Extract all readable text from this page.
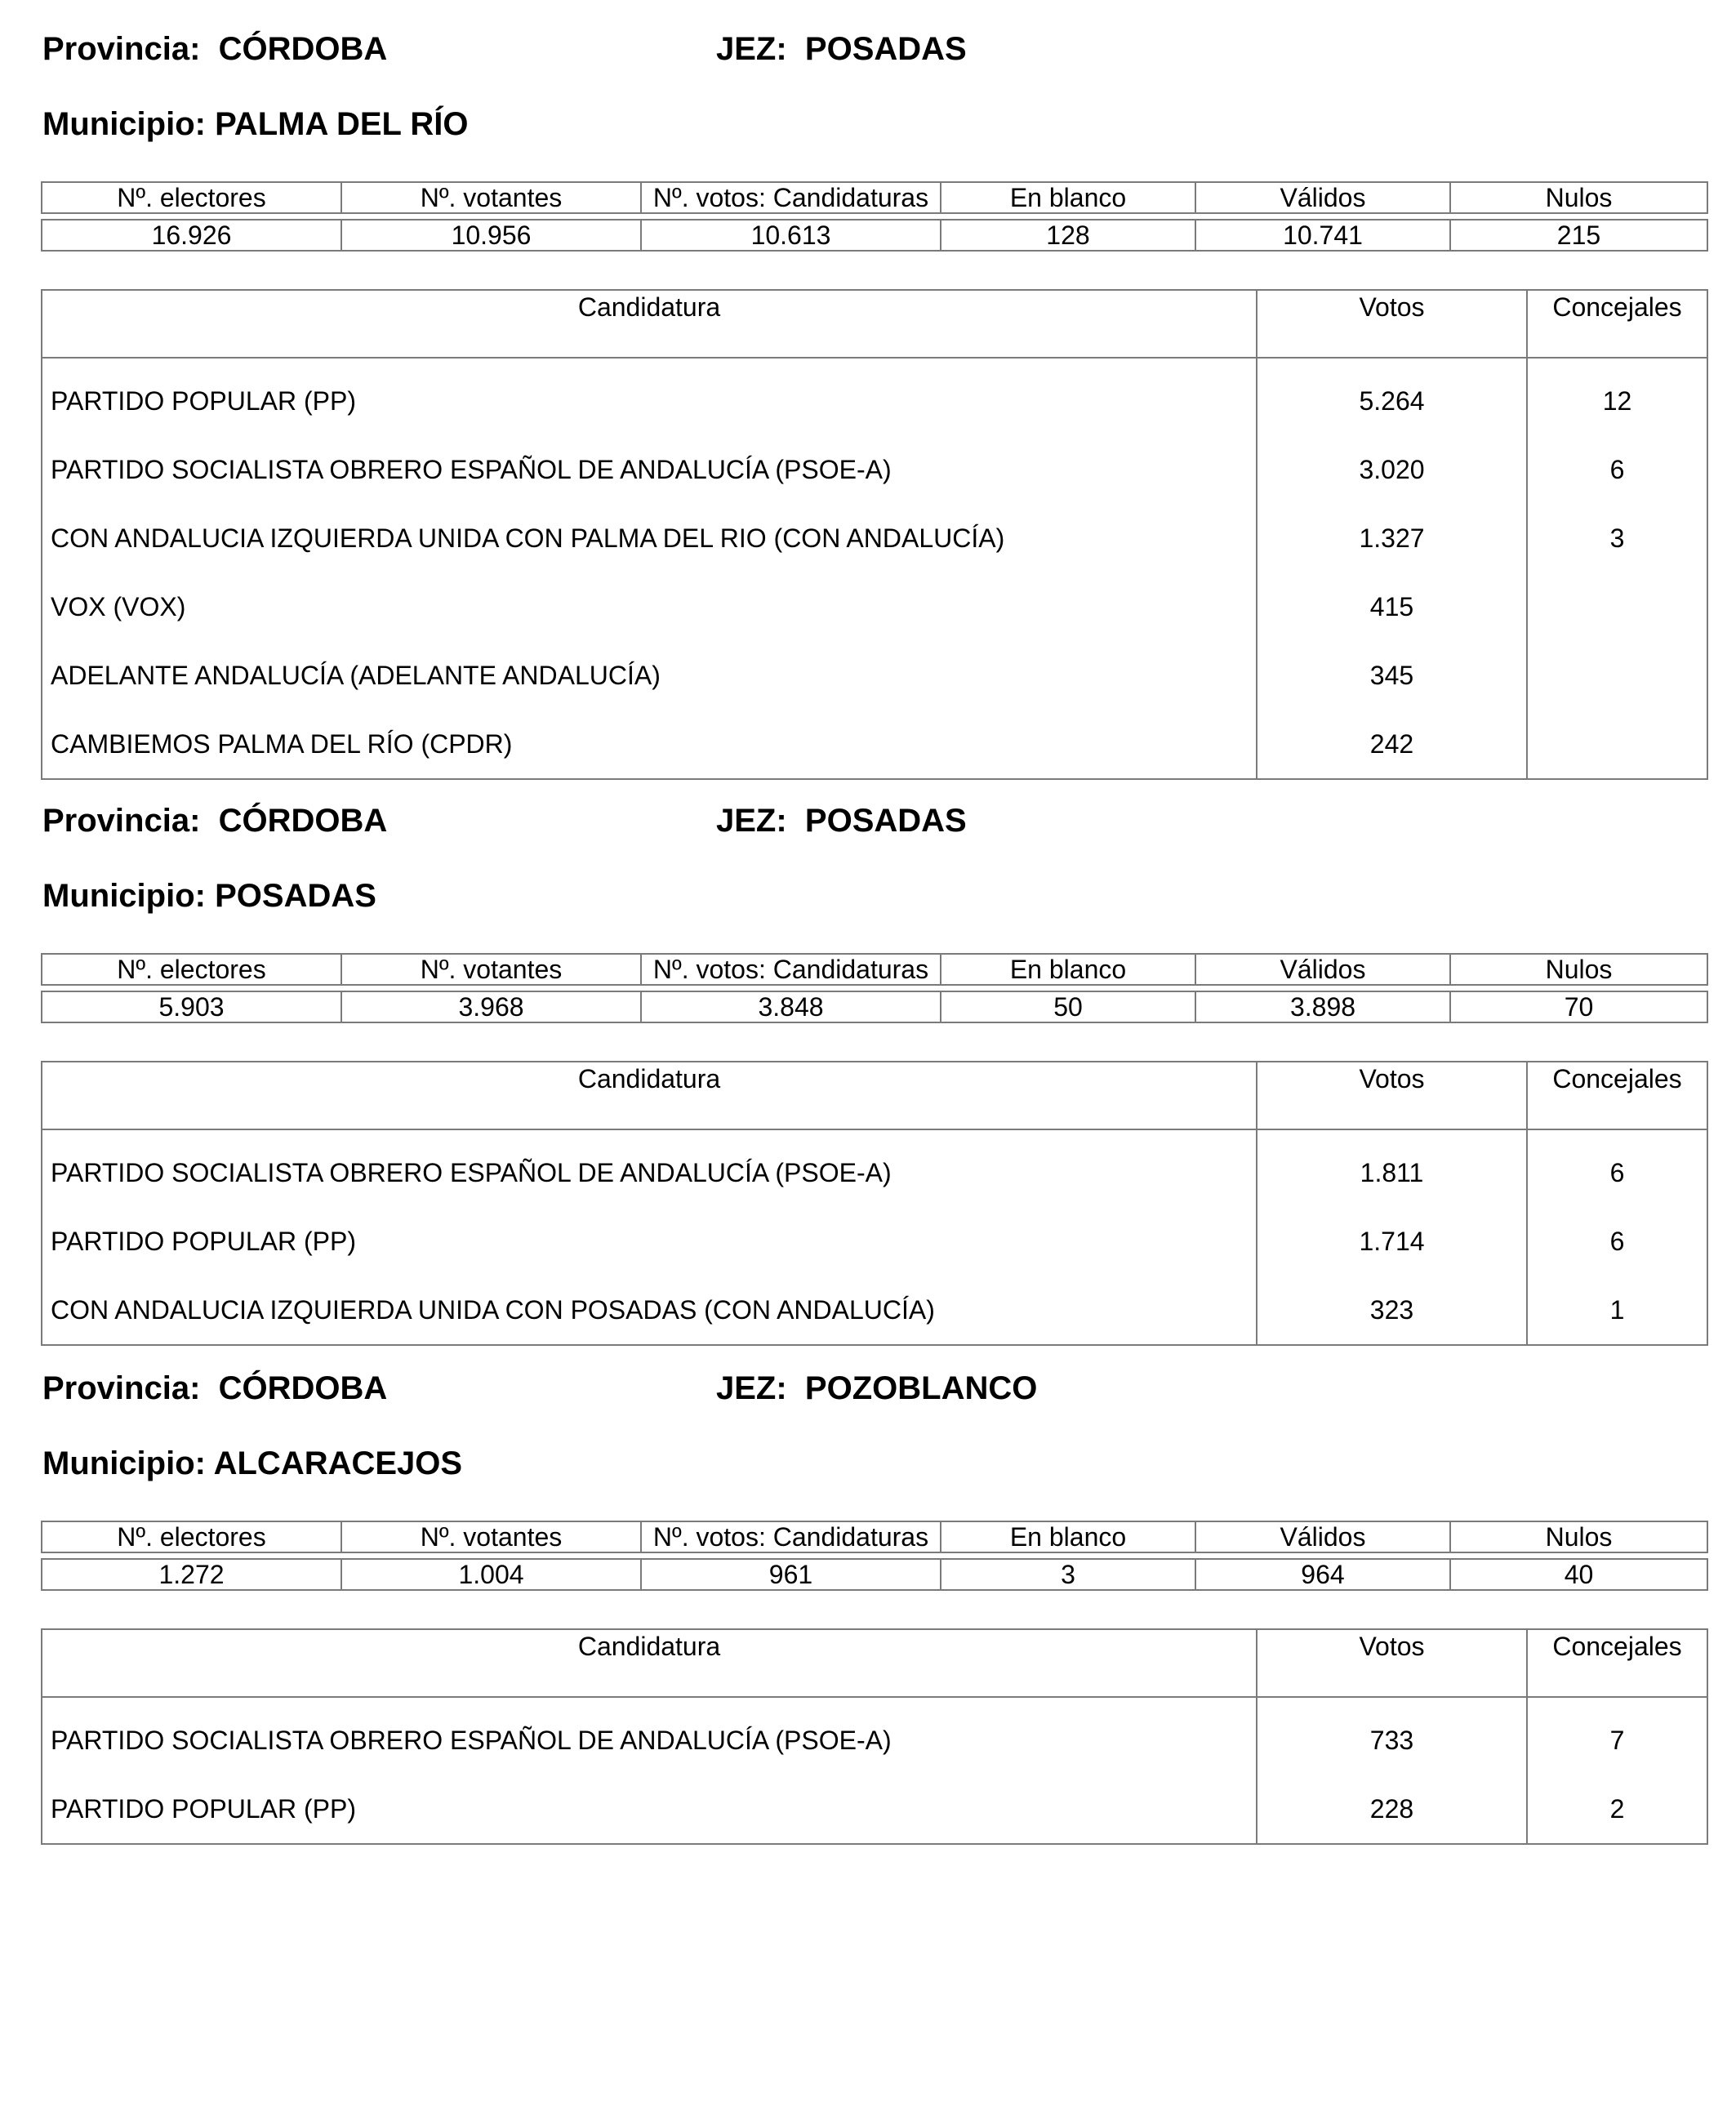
Provincia: CÓRDOBA	JEZ: POSADAS
Municipio: PALMA DEL RÍO
Nº. electores	Nº. votantes	Nº. votos: Candidaturas	En blanco	Válidos	Nulos

16.926	10.956	10.613	128	10.741	215
Candidatura	Votos	Concejales
PARTIDO POPULAR (PP)	5.264	12
PARTIDO SOCIALISTA OBRERO ESPAÑOL DE ANDALUCÍA (PSOE-A)	3.020	6
CON ANDALUCIA IZQUIERDA UNIDA CON PALMA DEL RIO (CON ANDALUCÍA)	1.327	3
VOX (VOX)	415	
ADELANTE ANDALUCÍA (ADELANTE ANDALUCÍA)	345	
CAMBIEMOS PALMA DEL RÍO (CPDR)	242	
Provincia: CÓRDOBA	JEZ: POSADAS
Municipio: POSADAS
Nº. electores	Nº. votantes	Nº. votos: Candidaturas	En blanco	Válidos	Nulos

5.903	3.968	3.848	50	3.898	70
Candidatura	Votos	Concejales
PARTIDO SOCIALISTA OBRERO ESPAÑOL DE ANDALUCÍA (PSOE-A)	1.811	6
PARTIDO POPULAR (PP)	1.714	6
CON ANDALUCIA IZQUIERDA UNIDA CON POSADAS (CON ANDALUCÍA)	323	1
Provincia: CÓRDOBA	JEZ: POZOBLANCO
Municipio: ALCARACEJOS
Nº. electores	Nº. votantes	Nº. votos: Candidaturas	En blanco	Válidos	Nulos

1.272	1.004	961	3	964	40
Candidatura	Votos	Concejales
PARTIDO SOCIALISTA OBRERO ESPAÑOL DE ANDALUCÍA (PSOE-A)	733	7
PARTIDO POPULAR (PP)	228	2
